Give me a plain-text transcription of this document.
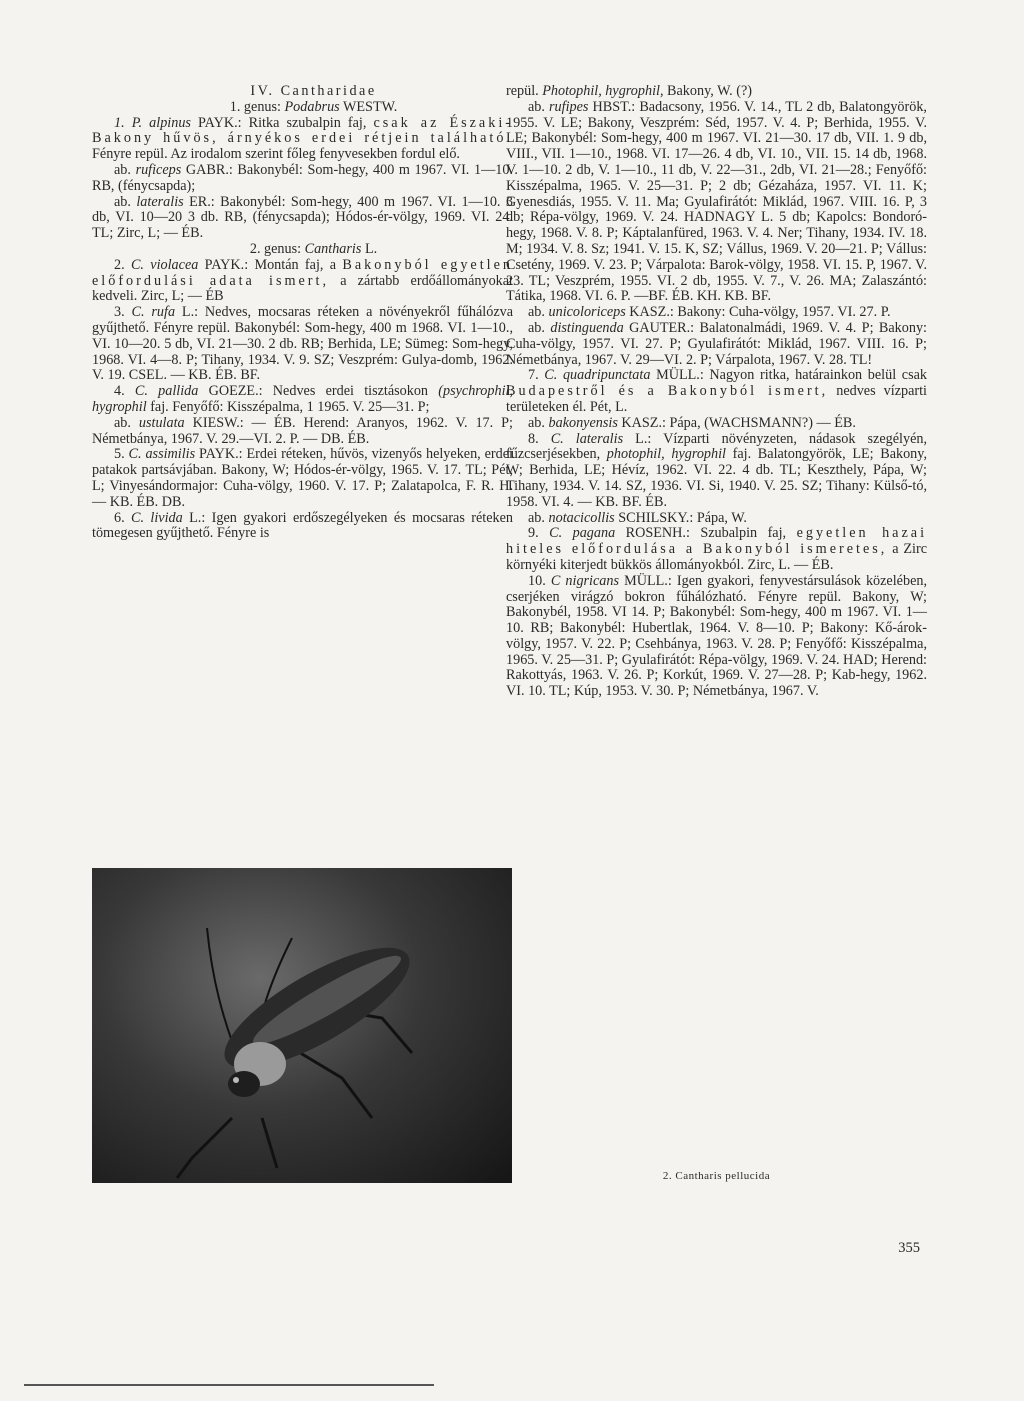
IV. Cantharidae

1. genus: Podabrus WESTW.

1. P. alpinus PAYK.: Ritka szubalpin faj, csak az Északi-Bakony hűvös, árnyékos erdei rétjein található. Fényre repül. Az irodalom szerint főleg fenyvesekben fordul elő.

ab. ruficeps GABR.: Bakonybél: Som-hegy, 400 m 1967. VI. 1—10. RB, (fénycsapda);

ab. lateralis ER.: Bakonybél: Som-hegy, 400 m 1967. VI. 1—10. 3 db, VI. 10—20 3 db. RB, (fénycsapda); Hódos-ér-völgy, 1969. VI. 24. TL; Zirc, L; — ÉB.

2. genus: Cantharis L.

2. C. violacea PAYK.: Montán faj, a Bakonyból egyetlen előfordulási adata ismert, a zártabb erdőállományokat kedveli. Zirc, L; — ÉB

3. C. rufa L.: Nedves, mocsaras réteken a növényekről fűhálózva gyűjthető. Fényre repül. Bakonybél: Som-hegy, 400 m 1968. VI. 1—10., VI. 10—20. 5 db, VI. 21—30. 2 db. RB; Berhida, LE; Sümeg: Som-hegy, 1968. VI. 4—8. P; Tihany, 1934. V. 9. SZ; Veszprém: Gulya-domb, 1962. V. 19. CSEL. — KB. ÉB. BF.

4. C. pallida GOEZE.: Nedves erdei tisztásokon (psychrophil, hygrophil faj. Fenyőfő: Kisszépalma, 1 1965. V. 25—31. P;

ab. ustulata KIESW.: — ÉB. Herend: Aranyos, 1962. V. 17. P; Németbánya, 1967. V. 29.—VI. 2. P. — DB. ÉB.

5. C. assimilis PAYK.: Erdei réteken, hűvös, vizenyős helyeken, erdei patakok partsávjában. Bakony, W; Hódos-ér-völgy, 1965. V. 17. TL; Pét, L; Vinyesándormajor: Cuha-völgy, 1960. V. 17. P; Zalatapolca, F. R. H. — KB. ÉB. DB.

6. C. livida L.: Igen gyakori erdőszegélyeken és mocsaras réteken tömegesen gyűjthető. Fényre is

repül. Photophil, hygrophil, Bakony, W. (?)

ab. rufipes HBST.: Badacsony, 1956. V. 14., TL 2 db, Balatongyörök, 1955. V. LE; Bakony, Veszprém: Séd, 1957. V. 4. P; Berhida, 1955. V. LE; Bakonybél: Som-hegy, 400 m 1967. VI. 21—30. 17 db, VII. 1. 9 db, VIII., VII. 1—10., 1968. VI. 17—26. 4 db, VI. 10., VII. 15. 14 db, 1968. V. 1—10. 2 db, V. 1—10., 11 db, V. 22—31., 2db, VI. 21—28.; Fenyőfő: Kisszépalma, 1965. V. 25—31. P; 2 db; Gézaháza, 1957. VI. 11. K; Gyenesdiás, 1955. V. 11. Ma; Gyulafirátót: Miklád, 1967. VIII. 16. P, 3 db; Répa-völgy, 1969. V. 24. HADNAGY L. 5 db; Kapolcs: Bondoró-hegy, 1968. V. 8. P; Káptalanfüred, 1963. V. 4. Ner; Tihany, 1934. IV. 18. M; 1934. V. 8. Sz; 1941. V. 15. K, SZ; Vállus, 1969. V. 20—21. P; Vállus: Csetény, 1969. V. 23. P; Várpalota: Barok-völgy, 1958. VI. 15. P, 1967. V. 23. TL; Veszprém, 1955. VI. 2 db, 1955. V. 7., V. 26. MA; Zalaszántó: Tátika, 1968. VI. 6. P. —BF. ÉB. KH. KB. BF.

ab. unicoloriceps KASZ.: Bakony: Cuha-völgy, 1957. VI. 27. P.

ab. distinguenda GAUTER.: Balatonalmádi, 1969. V. 4. P; Bakony: Cuha-völgy, 1957. VI. 27. P; Gyulafirátót: Miklád, 1967. VIII. 16. P; Németbánya, 1967. V. 29—VI. 2. P; Várpalota, 1967. V. 28. TL!

7. C. quadripunctata MÜLL.: Nagyon ritka, határainkon belül csak Budapestről és a Bakonyból ismert, nedves vízparti területeken él. Pét, L.

ab. bakonyensis KASZ.: Pápa, (WACHSMANN?) — ÉB.

8. C. lateralis L.: Vízparti növényzeten, nádasok szegélyén, fűzcserjésekben, photophil, hygrophil faj. Balatongyörök, LE; Bakony, W; Berhida, LE; Hévíz, 1962. VI. 22. 4 db. TL; Keszthely, Pápa, W; Tihany, 1934. V. 14. SZ, 1936. VI. Si, 1940. V. 25. SZ; Tihany: Külső-tó, 1958. VI. 4. — KB. BF. ÉB.

ab. notacicollis SCHILSKY.: Pápa, W.

9. C. pagana ROSENH.: Szubalpin faj, egyetlen hazai hiteles előfordulása a Bakonyból ismeretes, a Zirc környéki kiterjedt bükkös állományokból. Zirc, L. — ÉB.

10. C nigricans MÜLL.: Igen gyakori, fenyvestársulások közelében, cserjéken virágzó bokron fűhálózható. Fényre repül. Bakony, W; Bakonybél, 1958. VI 14. P; Bakonybél: Som-hegy, 400 m 1967. VI. 1—10. RB; Bakonybél: Hubertlak, 1964. V. 8—10. P; Bakony: Kő-árok-völgy, 1957. V. 22. P; Csehbánya, 1963. V. 28. P; Fenyőfő: Kisszépalma, 1965. V. 25—31. P; Gyulafirátót: Répa-völgy, 1969. V. 24. HAD; Herend: Rakottyás, 1963. V. 26. P; Korkút, 1969. V. 27—28. P; Kab-hegy, 1962. VI. 10. TL; Kúp, 1953. V. 30. P; Németbánya, 1967. V.

2. Cantharis pellucida
355
